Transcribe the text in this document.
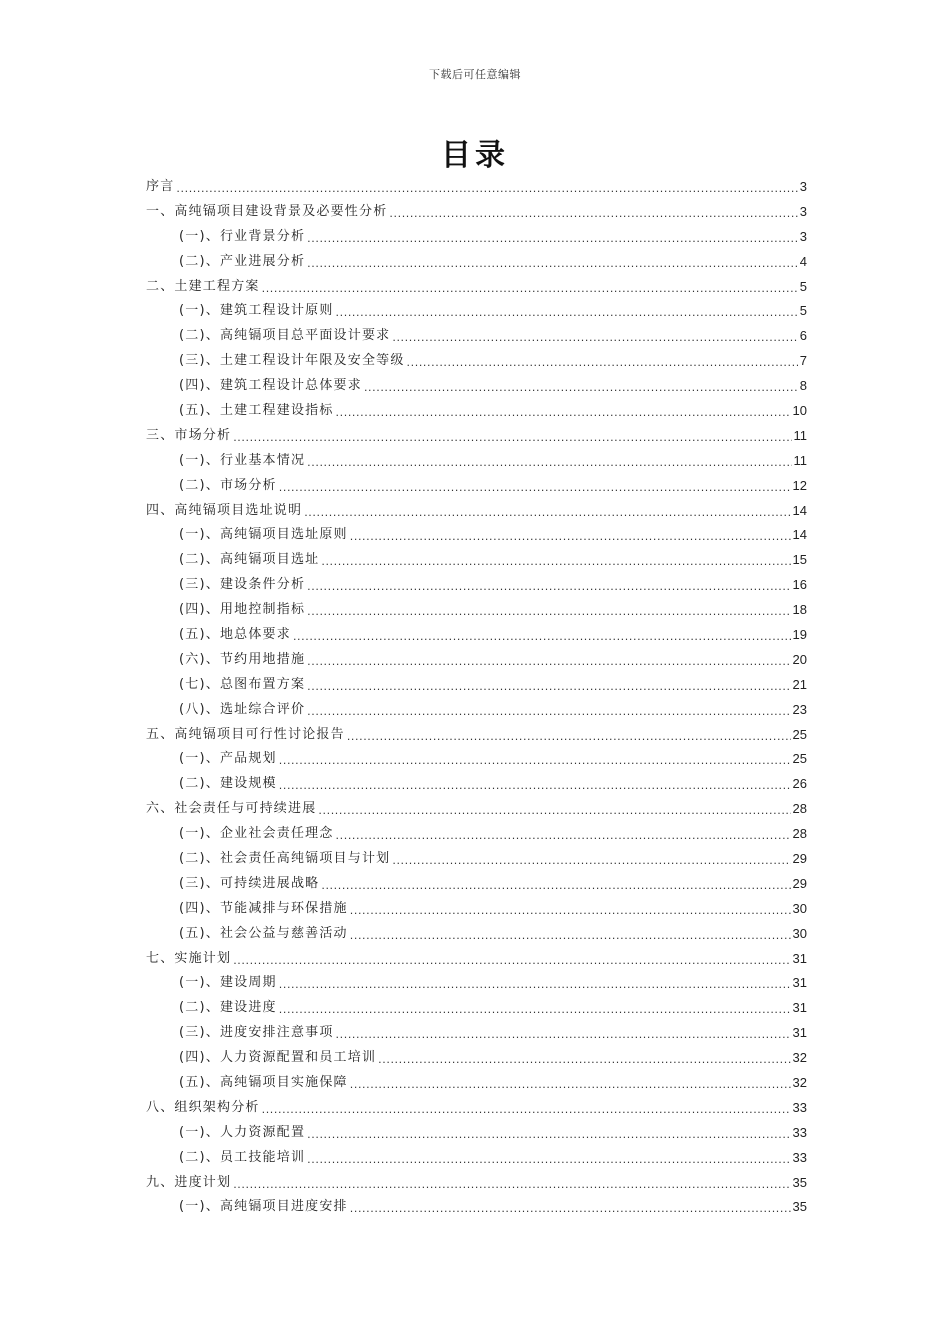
下载后可任意编辑
目录
序言 .....	3
一、高纯镉项目建设背景及必要性分析 .....	3
(一)、行业背景分析 .....	3
(二)、产业进展分析 .....	4
二、土建工程方案 .....	5
(一)、建筑工程设计原则 .....	5
(二)、高纯镉项目总平面设计要求 .....	6
(三)、土建工程设计年限及安全等级 .....	7
(四)、建筑工程设计总体要求 .....	8
(五)、土建工程建设指标 .....	10
三、市场分析 .....	11
(一)、行业基本情况 .....	11
(二)、市场分析 .....	12
四、高纯镉项目选址说明 .....	14
(一)、高纯镉项目选址原则 .....	14
(二)、高纯镉项目选址 .....	15
(三)、建设条件分析 .....	16
(四)、用地控制指标 .....	18
(五)、地总体要求 .....	19
(六)、节约用地措施 .....	20
(七)、总图布置方案 .....	21
(八)、选址综合评价 .....	23
五、高纯镉项目可行性讨论报告 .....	25
(一)、产品规划 .....	25
(二)、建设规模 .....	26
六、社会责任与可持续进展 .....	28
(一)、企业社会责任理念 .....	28
(二)、社会责任高纯镉项目与计划 .....	29
(三)、可持续进展战略 .....	29
(四)、节能减排与环保措施 .....	30
(五)、社会公益与慈善活动 .....	30
七、实施计划 .....	31
(一)、建设周期 .....	31
(二)、建设进度 .....	31
(三)、进度安排注意事项 .....	31
(四)、人力资源配置和员工培训 .....	32
(五)、高纯镉项目实施保障 .....	32
八、组织架构分析 .....	33
(一)、人力资源配置 .....	33
(二)、员工技能培训 .....	33
九、进度计划 .....	35
(一)、高纯镉项目进度安排 .....	35
